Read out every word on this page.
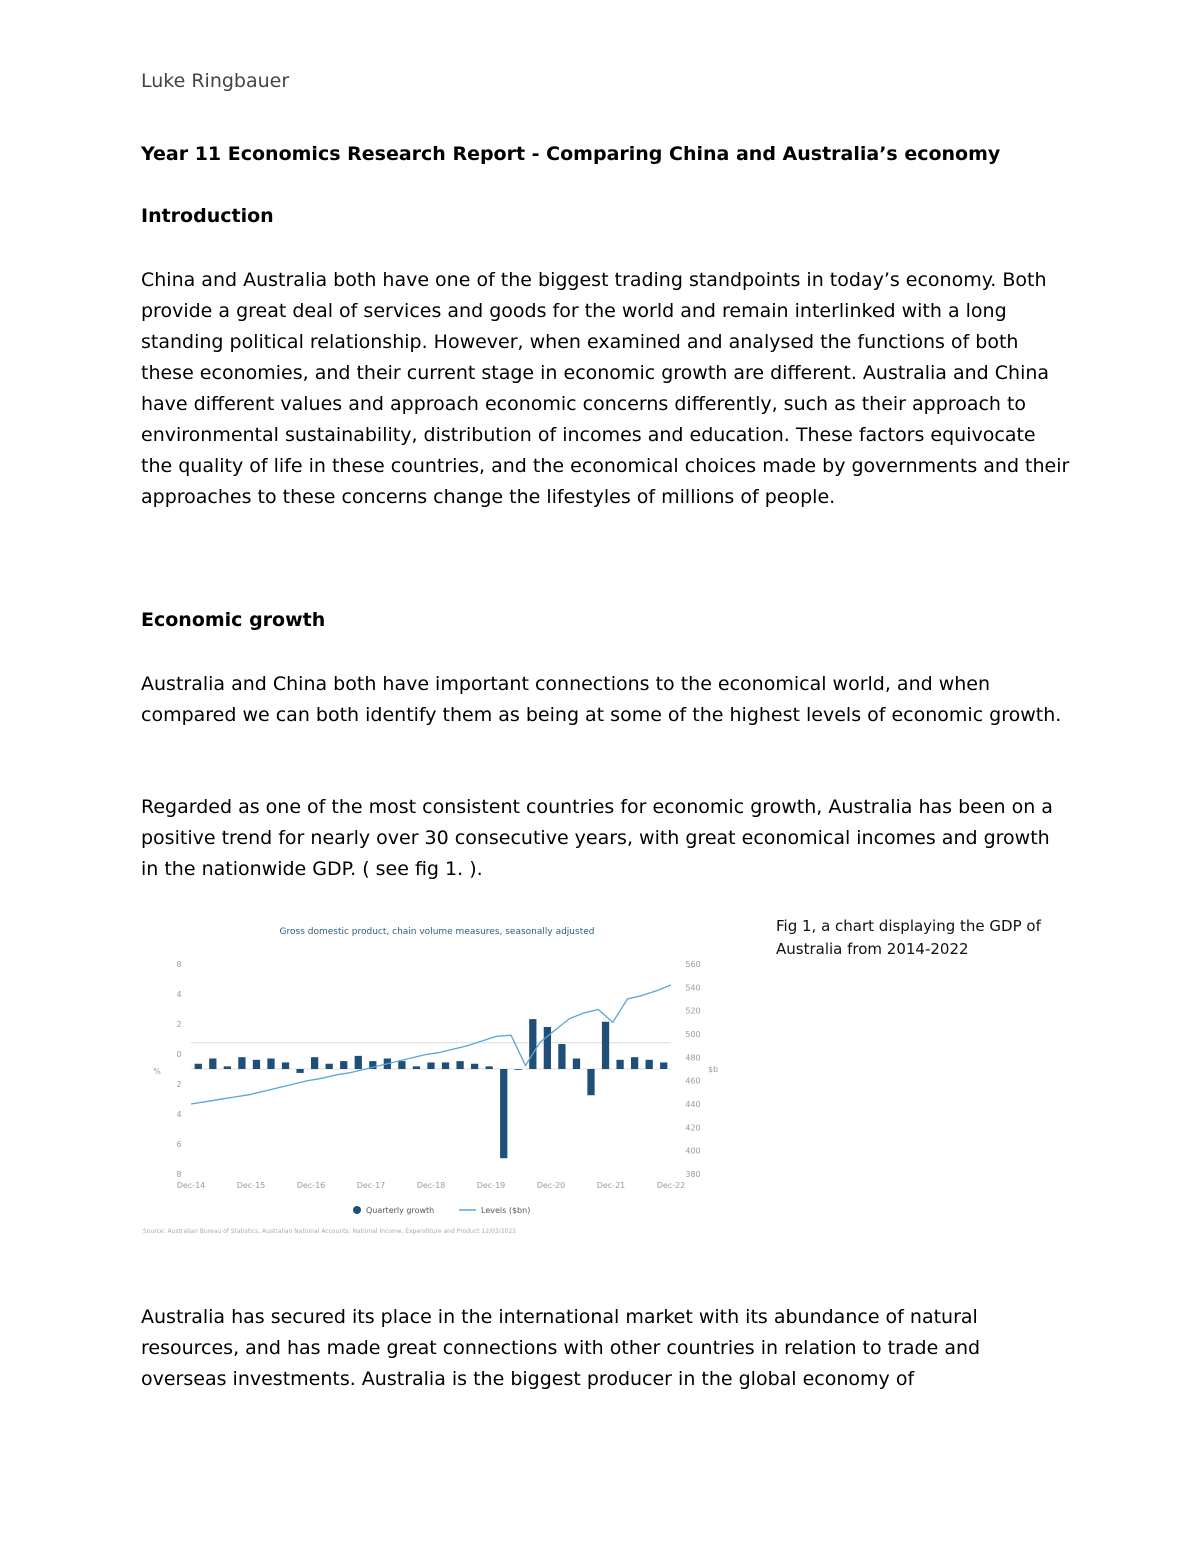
Luke Ringbauer
Year 11 Economics Research Report - Comparing China and Australia’s economy
Introduction

China and Australia both have one of the biggest trading standpoints in today’s economy. Both provide a great deal of services and goods for the world and remain interlinked with a long standing political relationship. However, when examined and analysed the functions of both these economies, and their current stage in economic growth are different. Australia and China have different values and approach economic concerns differently, such as their approach to environmental sustainability, distribution of incomes and education. These factors equivocate the quality of life in these countries, and the economical choices made by governments and their approaches to these concerns change the lifestyles of millions of people.

Economic growth

Australia and China both have important connections to the economical world, and when compared we can both identify them as being at some of the highest levels of economic growth.

Regarded as one of the most consistent countries for economic growth, Australia has been on a positive trend for nearly over 30 consecutive years, with great economical incomes and growth in the nationwide GDP. ( see fig 1. ).

Gross domestic product, chain volume measures, seasonally adjusted
8
4
2
0
2
4
6
8
560
540
520
500
480
460
440
420
400
380
Dec-14	Dec-15	Dec-16	Dec-17	Dec-18	Dec-19	Dec-20	Dec-21	Dec-22
%	$b
Quarterly growth	Levels ($bn)
Source: Australian Bureau of Statistics, Australian National Accounts: National Income, Expenditure and Product 12/03/2023
Fig 1, a chart displaying the GDP of Australia from 2014-2022

Australia has secured its place in the international market with its abundance of natural resources, and has made great connections with other countries in relation to trade and overseas investments. Australia is the biggest producer in the global economy of
